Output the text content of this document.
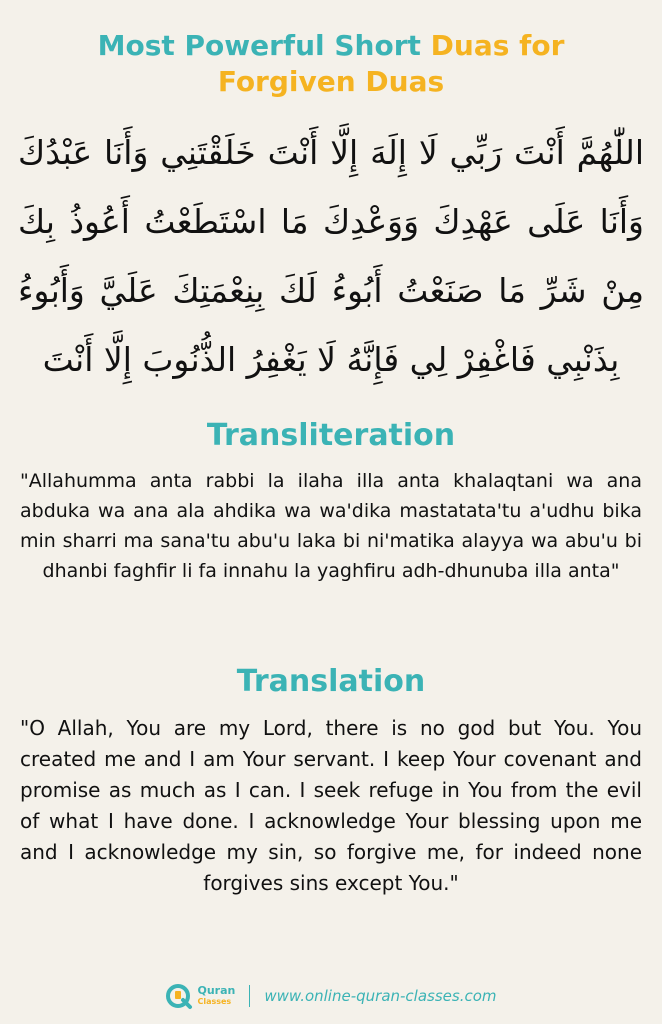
Most Powerful Short Duas for
Forgiven Duas
اللّٰهُمَّ أَنْتَ رَبِّي لَا إِلَهَ إِلَّا أَنْتَ خَلَقْتَنِي وَأَنَا عَبْدُكَ وَأَنَا عَلَى عَهْدِكَ وَوَعْدِكَ مَا اسْتَطَعْتُ أَعُوذُ بِكَ مِنْ شَرِّ مَا صَنَعْتُ أَبُوءُ لَكَ بِنِعْمَتِكَ عَلَيَّ وَأَبُوءُ بِذَنْبِي فَاغْفِرْ لِي فَإِنَّهُ لَا يَغْفِرُ الذُّنُوبَ إِلَّا أَنْتَ
Transliteration
"Allahumma anta rabbi la ilaha illa anta khalaqtani wa ana abduka wa ana ala ahdika wa wa'dika mastatata'tu a'udhu bika min sharri ma sana'tu abu'u laka bi ni'matika alayya wa abu'u bi dhanbi faghfir li fa innahu la yaghfiru adh-dhunuba illa anta"
Translation
"O Allah, You are my Lord, there is no god but You. You created me and I am Your servant. I keep Your covenant and promise as much as I can. I seek refuge in You from the evil of what I have done. I acknowledge Your blessing upon me and I acknowledge my sin, so forgive me, for indeed none forgives sins except You."
Quran
Classes www.online-quran-classes.com
